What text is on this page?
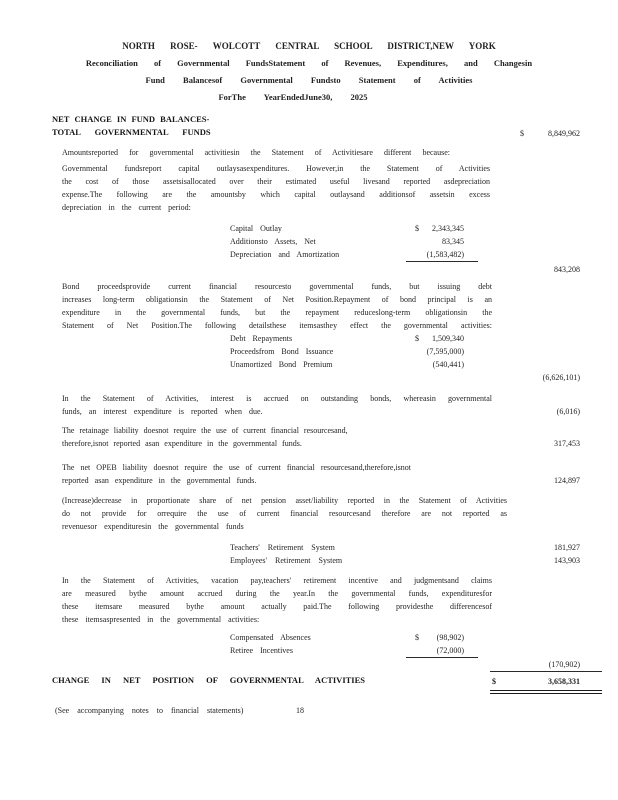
NORTH ROSE- WOLCOTT CENTRAL SCHOOL DISTRICT,NEW YORK
Reconciliation of Governmental FundsStatement of Revenues, Expenditures, and Changesin
Fund Balancesof Governmental Fundsto Statement of Activities
ForThe YearEndedJune30, 2025
NET CHANGE IN FUND BALANCES-
TOTAL GOVERNMENTAL FUNDS	$	8,849,962
Amountsreported for governmental activitiesin the Statement of Activitiesare different because:
Governmental fundsreport capital outlaysasexpenditures. However,in the Statement of Activities
the cost of those assetsisallocated over their estimated useful livesand reported asdepreciation
expense.The following are the amountsby which capital outlaysand additionsof assetsin excess
depreciation in the current period:
Capital Outlay	$	2,343,345
Additionsto Assets, Net	83,345
Depreciation and Amortization	(1,583,482)
843,208
Bond proceedsprovide current financial resourcesto governmental funds, but issuing debt
increases long-term obligationsin the Statement of Net Position.Repayment of bond principal is an
expenditure in the governmental funds, but the repayment reduceslong-term obligationsin the
Statement of Net Position.The following detailsthese itemsasthey effect the governmental activities:
Debt Repayments	$	1,509,340
Proceedsfrom Bond Issuance	(7,595,000)
Unamortized Bond Premium	(540,441)
(6,626,101)
In the Statement of Activities, interest is accrued on outstanding bonds, whereasin governmental
funds, an interest expenditure is reported when due.	(6,016)
The retainage liability doesnot require the use of current financial resourcesand,
therefore,isnot reported asan expenditure in the governmental funds.	317,453
The net OPEB liability doesnot require the use of current financial resourcesand,therefore,isnot
reported asan expenditure in the governmental funds.	124,897
(Increase)decrease in proportionate share of net pension asset/liability reported in the Statement of Activities
do not provide for orrequire the use of current financial resourcesand therefore are not reported as
revenuesor expendituresin the governmental funds
Teachers' Retirement System	181,927
Employees' Retirement System	143,903
In the Statement of Activities, vacation pay,teachers' retirement incentive and judgmentsand claims
are measured bythe amount accrued during the year.In the governmental funds, expendituresfor
these itemsare measured bythe amount actually paid.The following providesthe differencesof
these itemsaspresented in the governmental activities:
Compensated Absences	$	(98,902)
Retiree Incentives	(72,000)
(170,902)
CHANGE IN NET POSITION OF GOVERNMENTAL ACTIVITIES	$	3,658,331
(See accompanying notes to financial statements)	18
